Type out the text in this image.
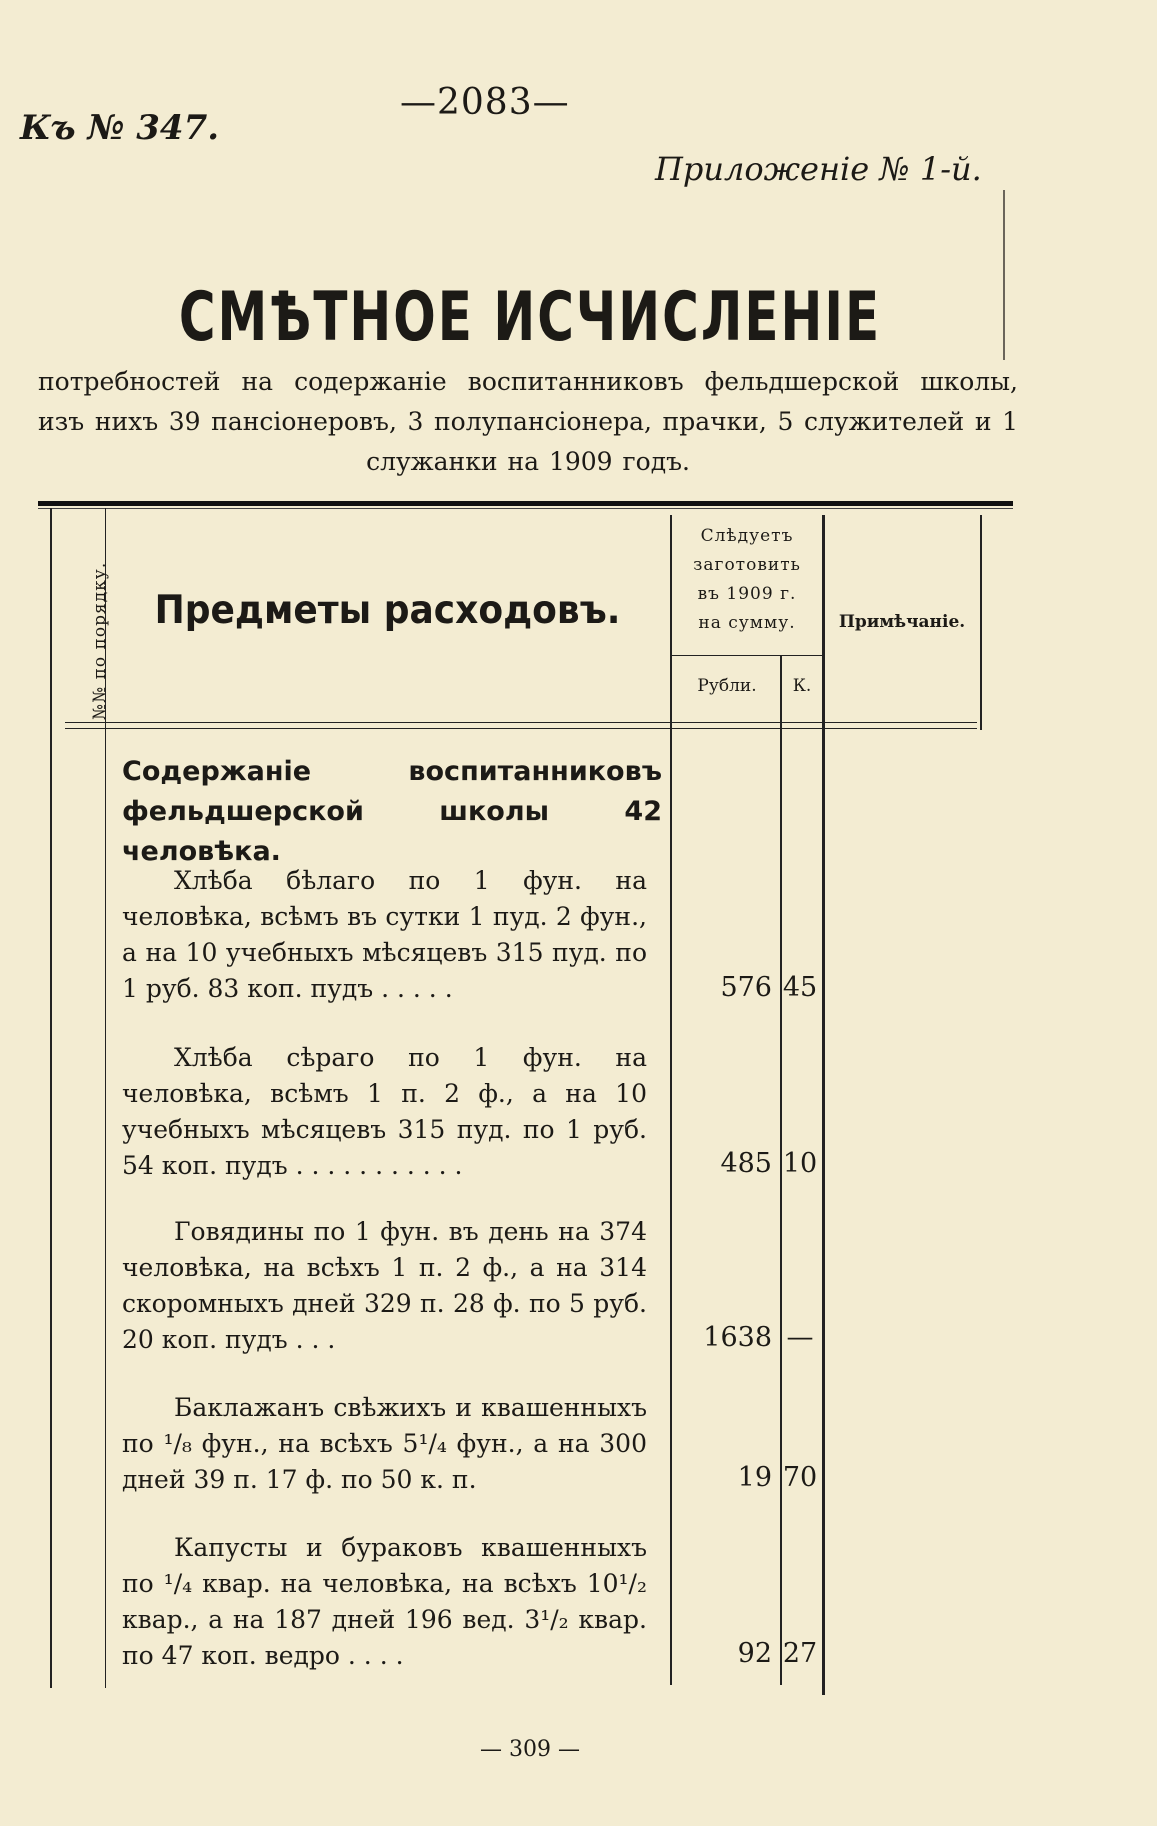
—2083—
Къ № 347.
Приложеніе № 1-й.
СМѢТНОЕ ИСЧИСЛЕНІЕ
потребностей на содержаніе воспитанниковъ фельдшерской школы, изъ нихъ 39 пансіонеровъ, 3 полупансіонера, прачки, 5 служителей и 1 служанки на 1909 годъ.
№№ по порядку.	Предметы расходовъ.
Слѣдуетъ
заготовить
въ 1909 г.
на сумму.	Примѣчаніе.
Рубли.	К.
Содержаніе воспитанниковъ фельдшерской школы 42 человѣка.
Хлѣба бѣлаго по 1 фун. на человѣка, всѣмъ въ сутки 1 пуд. 2 фун., а на 10 учебныхъ мѣсяцевъ 315 пуд. по 1 руб. 83 коп. пудъ . . . . .	576 45
Хлѣба сѣраго по 1 фун. на человѣка, всѣмъ 1 п. 2 ф., а на 10 учебныхъ мѣсяцевъ 315 пуд. по 1 руб. 54 коп. пудъ . . . . . . . . . . .	485 10
Говядины по 1 фун. въ день на 374 человѣка, на всѣхъ 1 п. 2 ф., а на 314 скоромныхъ дней 329 п. 28 ф. по 5 руб. 20 коп. пудъ . . .	1638 —
Баклажанъ свѣжихъ и квашенныхъ по ¹/₈ фун., на всѣхъ 5¹/₄ фун., а на 300 дней 39 п. 17 ф. по 50 к. п.	19 70
Капусты и бураковъ квашенныхъ по ¹/₄ квар. на человѣка, на всѣхъ 10¹/₂ квар., а на 187 дней 196 вед. 3¹/₂ квар. по 47 коп. ведро . . . .	92 27
— 309 —
